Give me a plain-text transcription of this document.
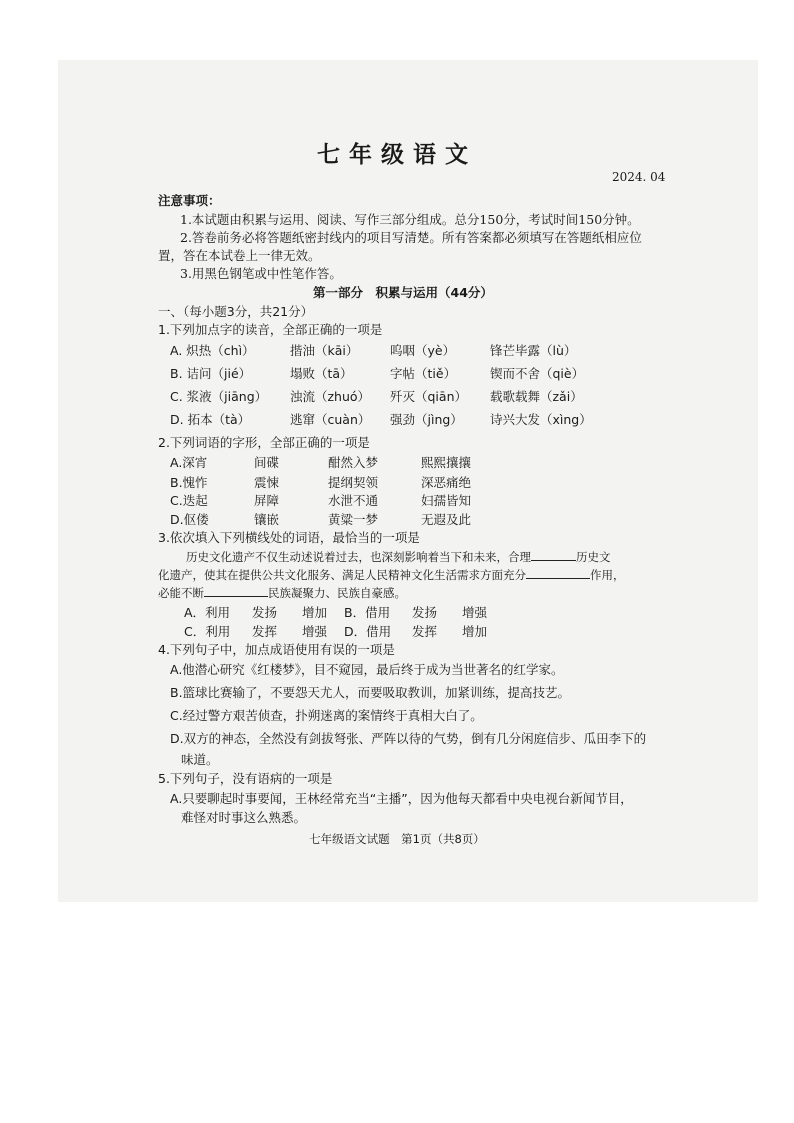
七年级语文
2024. 04
注意事项：
1.本试题由积累与运用、阅读、写作三部分组成。总分150分，考试时间150分钟。
2.答卷前务必将答题纸密封线内的项目写清楚。所有答案都必须填写在答题纸相应位
置，答在本试卷上一律无效。
3.用黑色钢笔或中性笔作答。
第一部分　积累与运用（44分）
一、（每小题3分，共21分）
1.下列加点字的读音，全部正确的一项是
A. 炽热（chì）	揩油（kāi）	呜咽（yè）	锋芒毕露（lù）
B. 诘问（jié）	塌败（tā）	字帖（tiě）	锲而不舍（qiè）
C. 浆液（jiāng） 浊流（zhuó） 歼灭（qiān） 载歌载舞（zǎi）
D. 拓本（tà）	逃窜（cuàn） 强劲（jìng） 诗兴大发（xìng）
2.下列词语的字形，全部正确的一项是
A.深宵	间碟	酣然入梦	熙熙攘攘
B.愧怍	震悚	提纲契领	深恶痛绝
C.迭起	屏障	水泄不通	妇孺皆知
D.伛偻	镶嵌	黄粱一梦	无遐及此
3.依次填入下列横线处的词语，最恰当的一项是
历史文化遗产不仅生动述说着过去，也深刻影响着当下和未来，合理	历史文
化遗产，使其在提供公共文化服务、满足人民精神文化生活需求方面充分	作用，
必能不断	民族凝聚力、民族自豪感。
A．利用 发扬 增加 B．借用 发扬 增强
C．利用 发挥 增强 D．借用 发挥 增加
4.下列句子中，加点成语使用有误的一项是
A.他潜心研究《红楼梦》，目不窥园，最后终于成为当世著名的红学家。
B.篮球比赛输了，不要怨天尤人，而要吸取教训，加紧训练，提高技艺。
C.经过警方艰苦侦查，扑朔迷离的案情终于真相大白了。
D.双方的神态，全然没有剑拔弩张、严阵以待的气势，倒有几分闲庭信步、瓜田李下的
味道。
5.下列句子，没有语病的一项是
A.只要聊起时事要闻，王林经常充当“主播”，因为他每天都看中央电视台新闻节目，
难怪对时事这么熟悉。
七年级语文试题　第1页（共8页）
